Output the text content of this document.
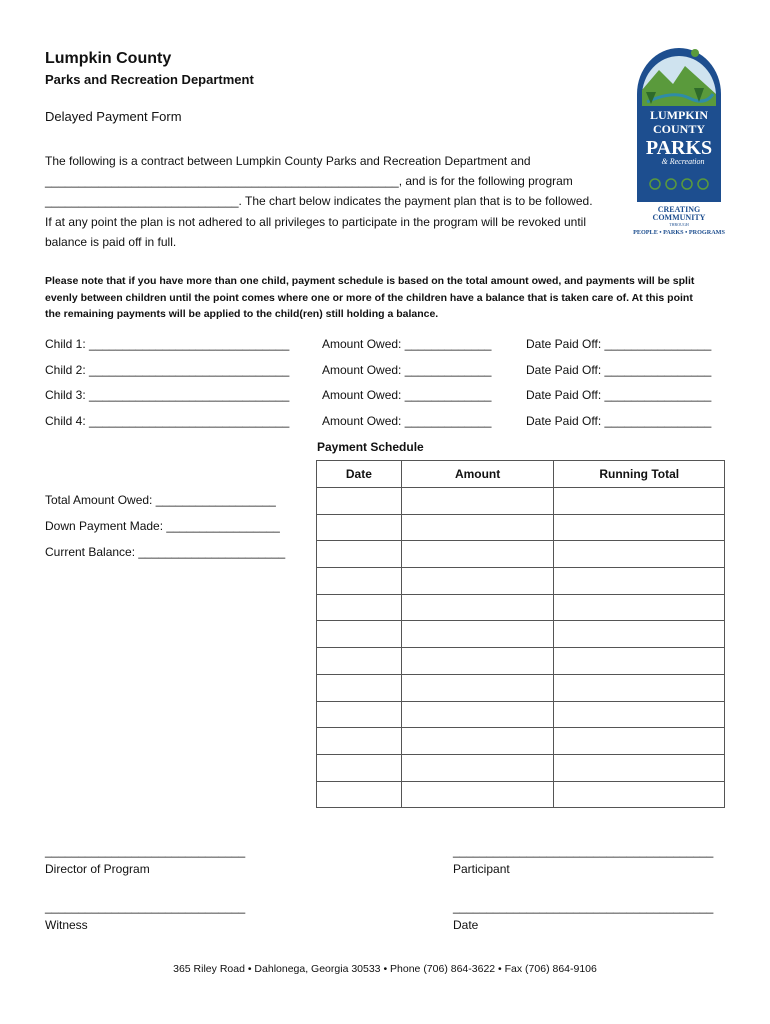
Lumpkin County
Parks and Recreation Department
Delayed Payment Form
The following is a contract between Lumpkin County Parks and Recreation Department and
_____________________________________________________, and is for the following program
_____________________________. The chart below indicates the payment plan that is to be followed.
If at any point the plan is not adhered to all privileges to participate in the program will be revoked until
balance is paid off in full.
LUMPKIN
COUNTY
PARKS
& Recreation
CREATING
COMMUNITY
THROUGH
PEOPLE • PARKS • PROGRAMS
Please note that if you have more than one child, payment schedule is based on the total amount owed, and payments will be split
evenly between children until the point comes where one or more of the children have a balance that is taken care of. At this point
the remaining payments will be applied to the child(ren) still holding a balance.
Child 1: ______________________________	Amount Owed: _____________	Date Paid Off: ________________
Child 2: ______________________________	Amount Owed: _____________	Date Paid Off: ________________
Child 3: ______________________________	Amount Owed: _____________	Date Paid Off: ________________
Child 4: ______________________________	Amount Owed: _____________	Date Paid Off: ________________
Total Amount Owed: __________________
Down Payment Made: _________________
Current Balance: ______________________
Payment Schedule
Date	Amount	Running Total

______________________________
Director of Program
_______________________________________
Participant
______________________________
Witness
_______________________________________
Date
365 Riley Road • Dahlonega, Georgia 30533 • Phone (706) 864-3622 • Fax (706) 864-9106
